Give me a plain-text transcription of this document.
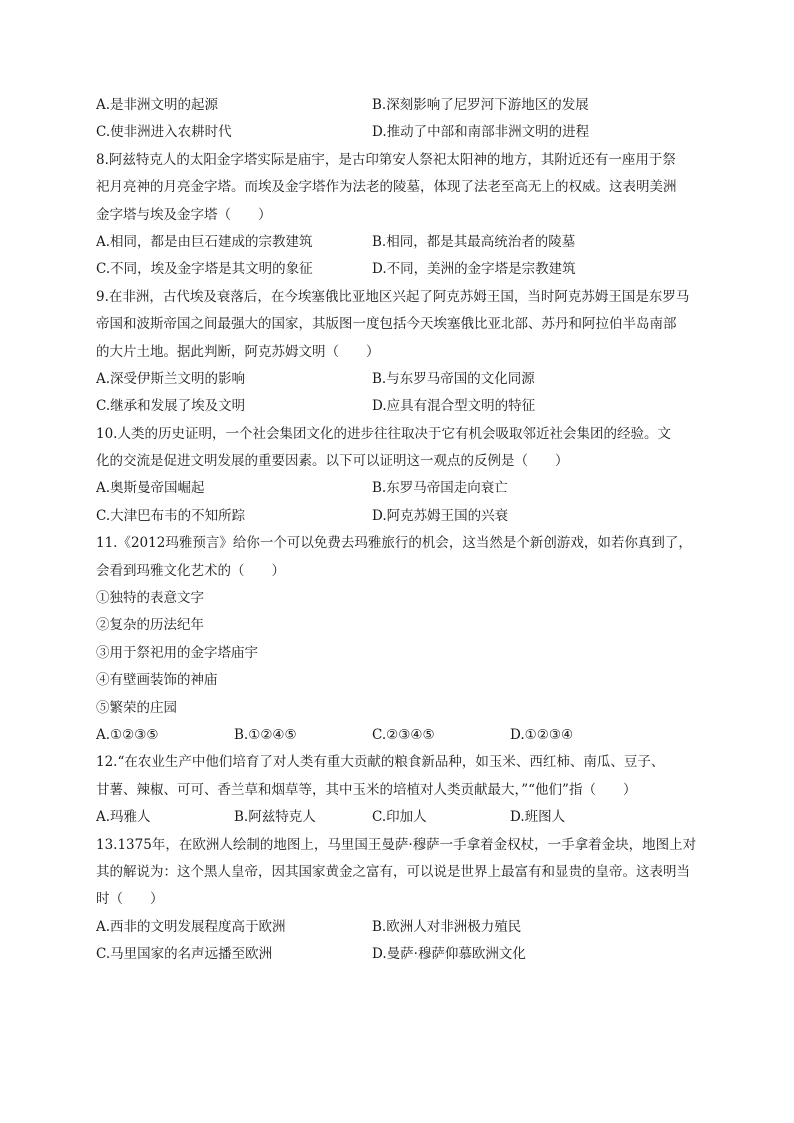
A.是非洲文明的起源	B.深刻影响了尼罗河下游地区的发展
C.使非洲进入农耕时代	D.推动了中部和南部非洲文明的进程
8.阿兹特克人的太阳金字塔实际是庙宇，是古印第安人祭祀太阳神的地方，其附近还有一座用于祭
祀月亮神的月亮金字塔。而埃及金字塔作为法老的陵墓，体现了法老至高无上的权威。这表明美洲
金字塔与埃及金字塔（　　）
A.相同，都是由巨石建成的宗教建筑	B.相同，都是其最高统治者的陵墓
C.不同，埃及金字塔是其文明的象征	D.不同，美洲的金字塔是宗教建筑
9.在非洲，古代埃及衰落后，在今埃塞俄比亚地区兴起了阿克苏姆王国，当时阿克苏姆王国是东罗马
帝国和波斯帝国之间最强大的国家，其版图一度包括今天埃塞俄比亚北部、苏丹和阿拉伯半岛南部
的大片土地。据此判断，阿克苏姆文明（　　）
A.深受伊斯兰文明的影响	B.与东罗马帝国的文化同源
C.继承和发展了埃及文明	D.应具有混合型文明的特征
10.人类的历史证明，一个社会集团文化的进步往往取决于它有机会吸取邻近社会集团的经验。文
化的交流是促进文明发展的重要因素。以下可以证明这一观点的反例是（　　）
A.奥斯曼帝国崛起	B.东罗马帝国走向衰亡
C.大津巴布韦的不知所踪	D.阿克苏姆王国的兴衰
11.《2012玛雅预言》给你一个可以免费去玛雅旅行的机会，这当然是个新创游戏，如若你真到了，
会看到玛雅文化艺术的（　　）
①独特的表意文字
②复杂的历法纪年
③用于祭祀用的金字塔庙宇
④有壁画装饰的神庙
⑤繁荣的庄园
A.①②③⑤	B.①②④⑤	C.②③④⑤	D.①②③④
12.“在农业生产中他们培育了对人类有重大贡献的粮食新品种，如玉米、西红柿、南瓜、豆子、
甘薯、辣椒、可可、香兰草和烟草等，其中玉米的培植对人类贡献最大，”“他们”指（　　）
A.玛雅人	B.阿兹特克人	C.印加人	D.班图人
13.1375年，在欧洲人绘制的地图上，马里国王曼萨·穆萨一手拿着金权杖，一手拿着金块，地图上对
其的解说为：这个黑人皇帝，因其国家黄金之富有，可以说是世界上最富有和显贵的皇帝。这表明当
时（　　）
A.西非的文明发展程度高于欧洲	B.欧洲人对非洲极力殖民
C.马里国家的名声远播至欧洲	D.曼萨·穆萨仰慕欧洲文化
